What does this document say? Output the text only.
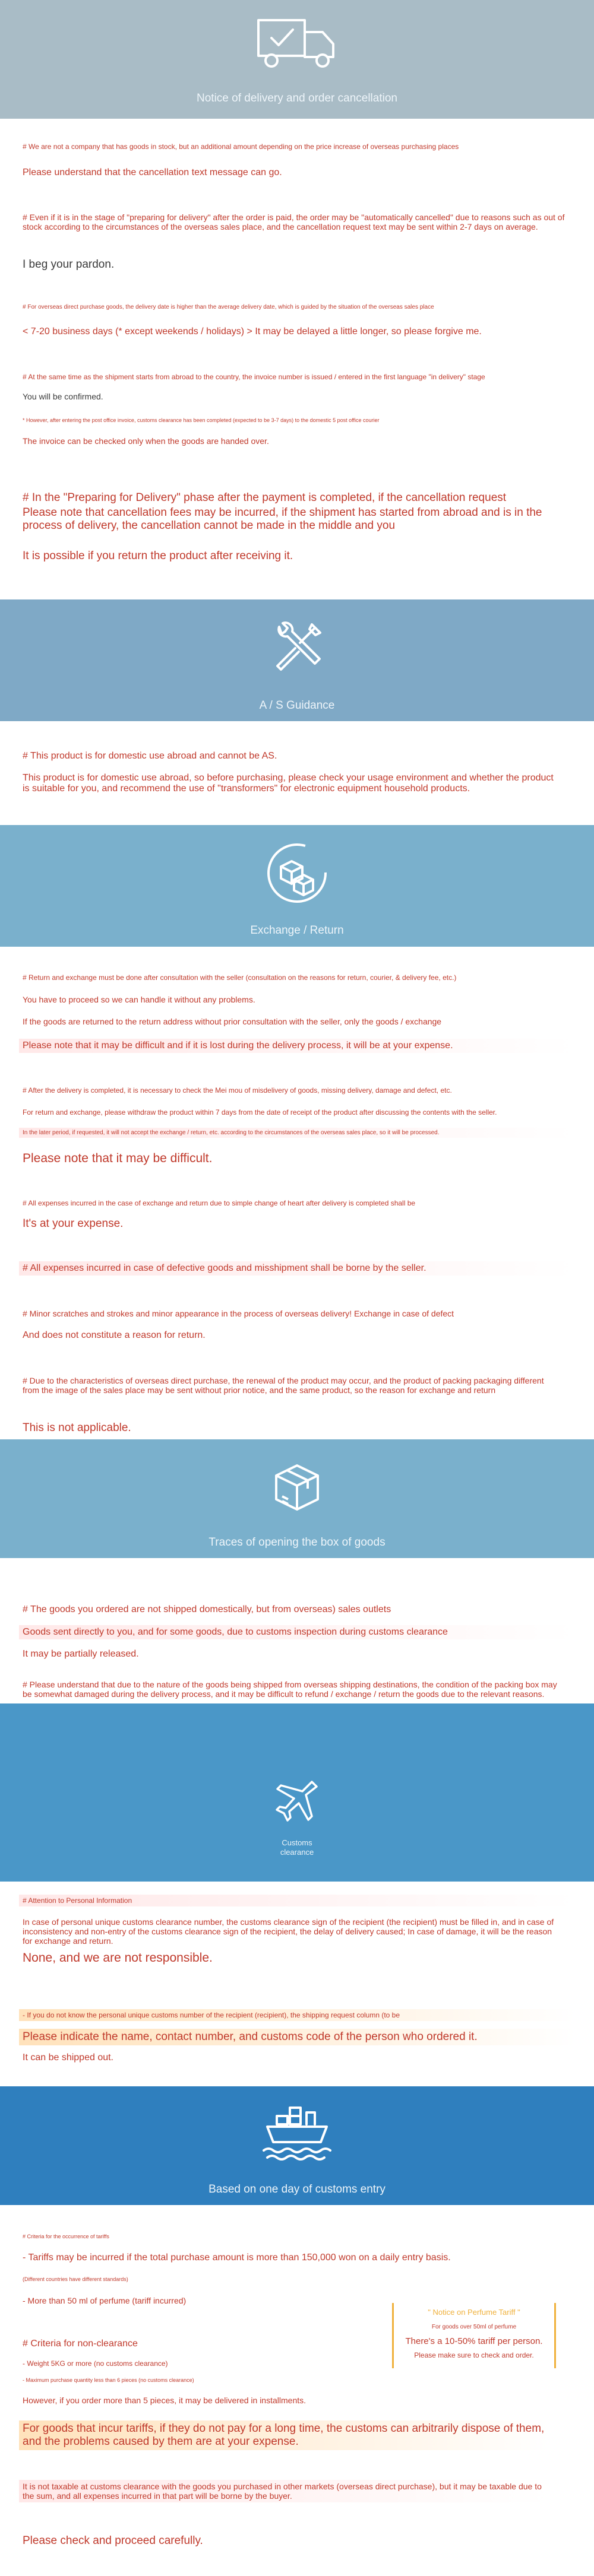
Notice of delivery and order cancellation
# We are not a company that has goods in stock, but an additional amount depending on the price increase of overseas purchasing places
Please understand that the cancellation text message can go.
# Even if it is in the stage of "preparing for delivery" after the order is paid, the order may be "automatically cancelled" due to reasons such as out of stock according to the circumstances of the overseas sales place, and the cancellation request text may be sent within 2-7 days on average.
I beg your pardon.
# For overseas direct purchase goods, the delivery date is higher than the average delivery date, which is guided by the situation of the overseas sales place
< 7-20 business days (* except weekends / holidays) > It may be delayed a little longer, so please forgive me.
# At the same time as the shipment starts from abroad to the country, the invoice number is issued / entered in the first language "in delivery" stage
You will be confirmed.
* However, after entering the post office invoice, customs clearance has been completed (expected to be 3-7 days) to the domestic 5 post office courier
The invoice can be checked only when the goods are handed over.
# In the "Preparing for Delivery" phase after the payment is completed, if the cancellation request
Please note that cancellation fees may be incurred, if the shipment has started from abroad and is in the process of delivery, the cancellation cannot be made in the middle and you
It is possible if you return the product after receiving it.
A / S Guidance
# This product is for domestic use abroad and cannot be AS.
This product is for domestic use abroad, so before purchasing, please check your usage environment and whether the product is suitable for you, and recommend the use of "transformers" for electronic equipment household products.
Exchange / Return
# Return and exchange must be done after consultation with the seller (consultation on the reasons for return, courier, & delivery fee, etc.)
You have to proceed so we can handle it without any problems.
If the goods are returned to the return address without prior consultation with the seller, only the goods / exchange
Please note that it may be difficult and if it is lost during the delivery process, it will be at your expense.
# After the delivery is completed, it is necessary to check the Mei mou of misdelivery of goods, missing delivery, damage and defect, etc.
For return and exchange, please withdraw the product within 7 days from the date of receipt of the product after discussing the contents with the seller.
In the later period, if requested, it will not accept the exchange / return, etc. according to the circumstances of the overseas sales place, so it will be processed.
Please note that it may be difficult.
# All expenses incurred in the case of exchange and return due to simple change of heart after delivery is completed shall be
It's at your expense.
# All expenses incurred in case of defective goods and misshipment shall be borne by the seller.
# Minor scratches and strokes and minor appearance in the process of overseas delivery! Exchange in case of defect
And does not constitute a reason for return.
# Due to the characteristics of overseas direct purchase, the renewal of the product may occur, and the product of packing packaging different from the image of the sales place may be sent without prior notice, and the same product, so the reason for exchange and return
This is not applicable.
Traces of opening the box of goods
# The goods you ordered are not shipped domestically, but from overseas) sales outlets
Goods sent directly to you, and for some goods, due to customs inspection during customs clearance
It may be partially released.
# Please understand that due to the nature of the goods being shipped from overseas shipping destinations, the condition of the packing box may be somewhat damaged during the delivery process, and it may be difficult to refund / exchange / return the goods due to the relevant reasons.
Customs
clearance
# Attention to Personal Information
In case of personal unique customs clearance number, the customs clearance sign of the recipient (the recipient) must be filled in, and in case of inconsistency and non-entry of the customs clearance sign of the recipient, the delay of delivery caused; In case of damage, it will be the reason for exchange and return.
None, and we are not responsible.
- If you do not know the personal unique customs number of the recipient (recipient), the shipping request column (to be
Please indicate the name, contact number, and customs code of the person who ordered it.
It can be shipped out.
Based on one day of customs entry
# Criteria for the occurrence of tariffs
- Tariffs may be incurred if the total purchase amount is more than 150,000 won on a daily entry basis.
(Different countries have different standards)
- More than 50 ml of perfume (tariff incurred)
# Criteria for non-clearance
- Weight 5KG or more (no customs clearance)
- Maximum purchase quantity less than 6 pieces (no customs clearance)
However, if you order more than 5 pieces, it may be delivered in installments.
For goods that incur tariffs, if they do not pay for a long time, the customs can arbitrarily dispose of them, and the problems caused by them are at your expense.
It is not taxable at customs clearance with the goods you purchased in other markets (overseas direct purchase), but it may be taxable due to the sum, and all expenses incurred in that part will be borne by the buyer.
Please check and proceed carefully.
" Notice on Perfume Tariff "
For goods over 50ml of perfume
There's a 10-50% tariff per person.
Please make sure to check and order.
